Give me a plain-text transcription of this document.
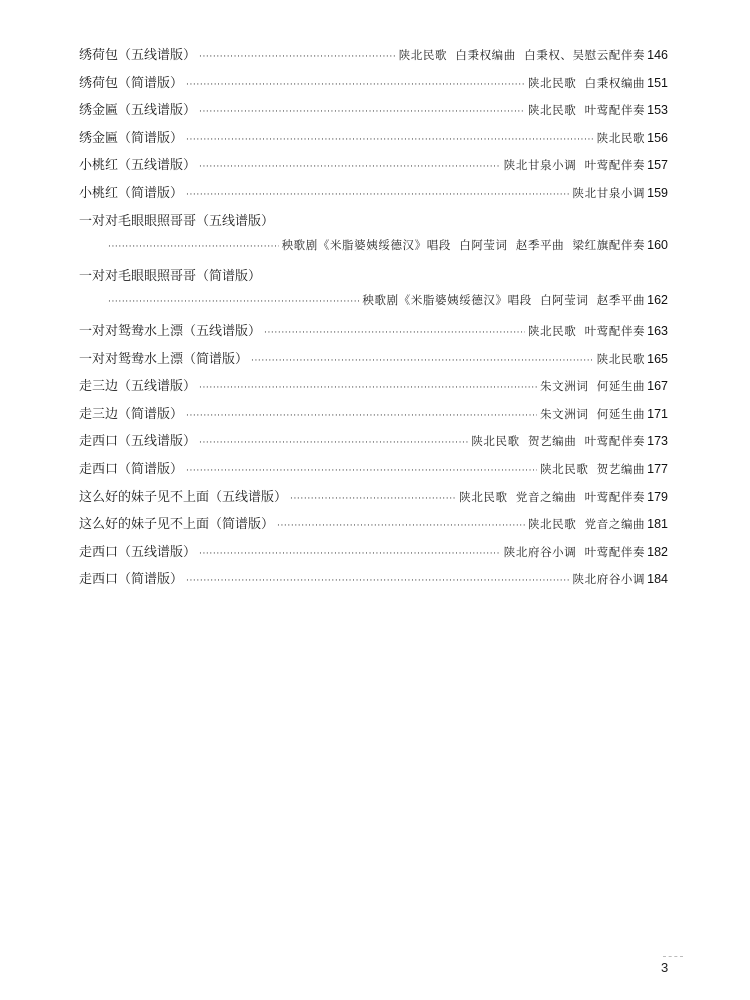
绣荷包（五线谱版） ·····	陕北民歌 白秉权编曲 白秉权、吴慰云配伴奏 146
绣荷包（简谱版） ·····	陕北民歌 白秉权编曲 151
绣金匾（五线谱版） ·····	陕北民歌 叶莺配伴奏 153
绣金匾（简谱版） ·····	陕北民歌 156
小桃红（五线谱版） ·····	陕北甘泉小调 叶莺配伴奏 157
小桃红（简谱版） ·····	陕北甘泉小调 159
一对对毛眼眼照哥哥（五线谱版）
·····
秧歌剧《米脂婆姨绥德汉》唱段 白阿莹词 赵季平曲 梁红旗配伴奏 160
一对对毛眼眼照哥哥（简谱版）
·····
秧歌剧《米脂婆姨绥德汉》唱段 白阿莹词 赵季平曲 162
一对对鸳鸯水上漂（五线谱版） ·····	陕北民歌 叶莺配伴奏 163
一对对鸳鸯水上漂（简谱版） ·····	陕北民歌 165
走三边（五线谱版） ·····	朱文洲词 何延生曲 167
走三边（简谱版） ·····	朱文洲词 何延生曲 171
走西口（五线谱版） ·····	陕北民歌 贺艺编曲 叶莺配伴奏 173
走西口（简谱版） ·····	陕北民歌 贺艺编曲 177
这么好的妹子见不上面（五线谱版） ·····	陕北民歌 党音之编曲 叶莺配伴奏 179
这么好的妹子见不上面（简谱版） ·····	陕北民歌 党音之编曲 181
走西口（五线谱版） ·····	陕北府谷小调 叶莺配伴奏 182
走西口（简谱版） ·····	陕北府谷小调 184
3
